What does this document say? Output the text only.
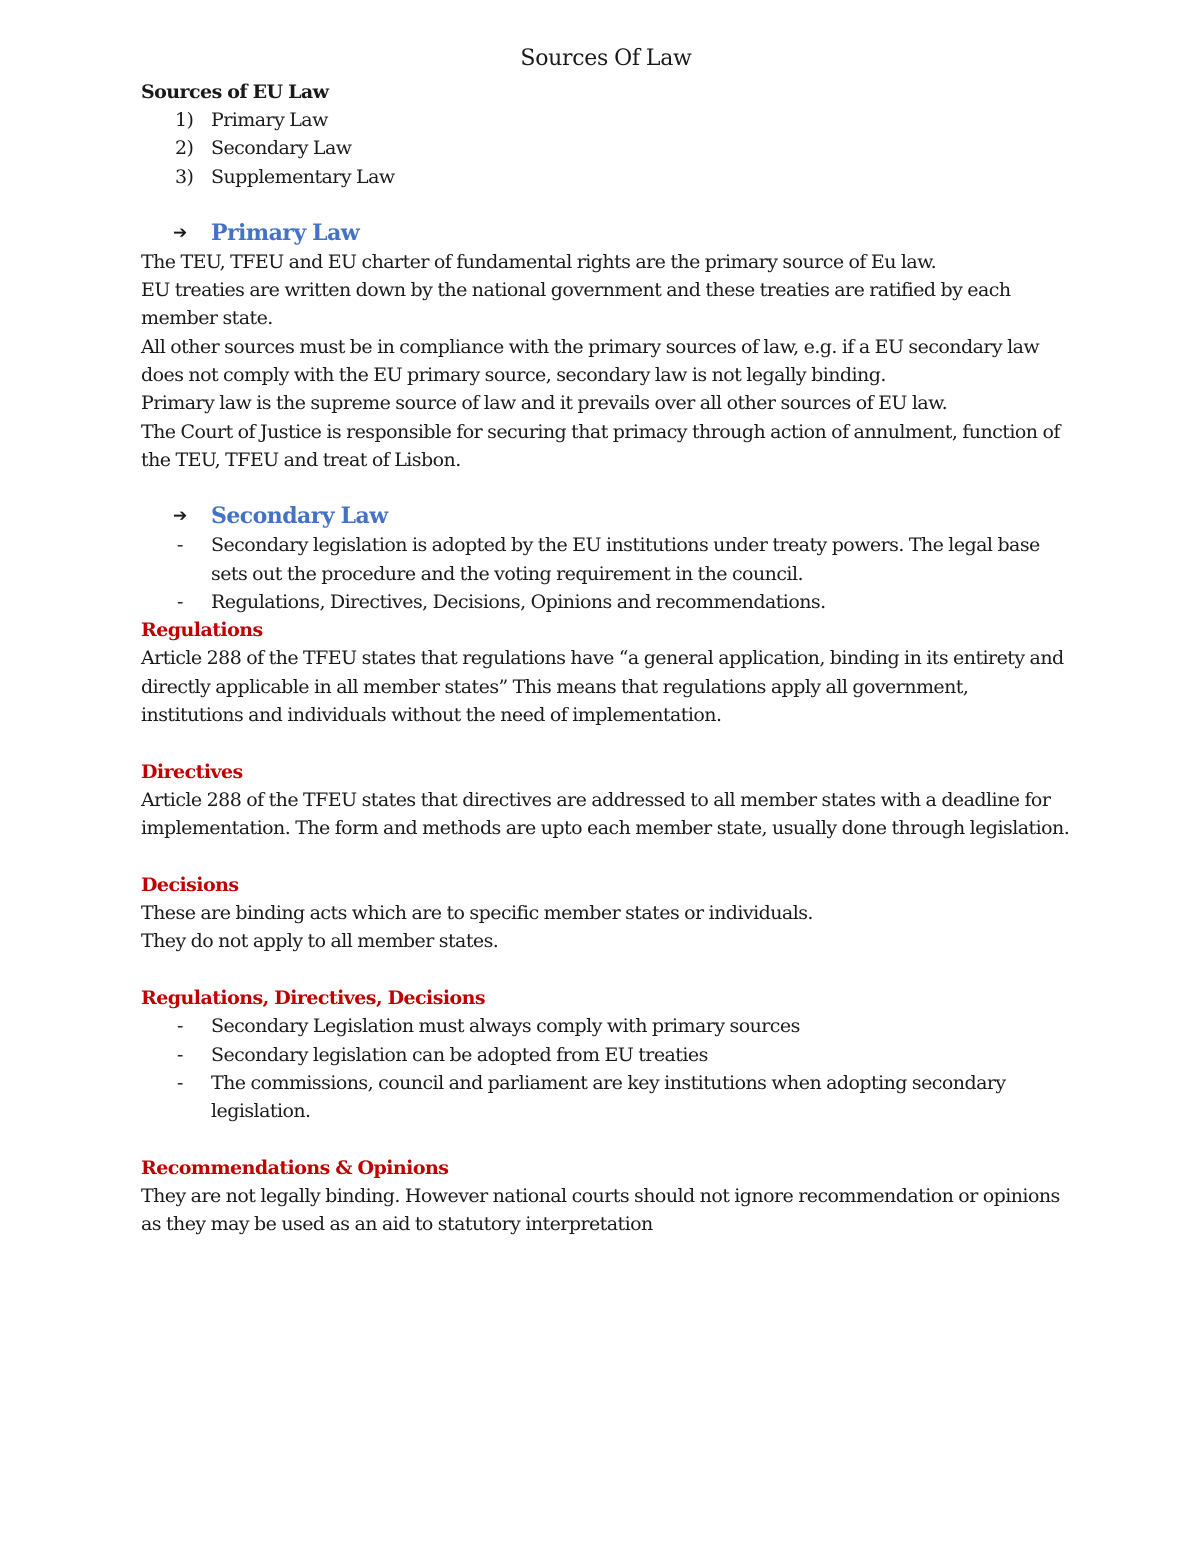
Sources Of Law

Sources of EU Law

1) Primary Law
2) Secondary Law
3) Supplementary Law
➔ Primary Law

The TEU, TFEU and EU charter of fundamental rights are the primary source of Eu law.

EU treaties are written down by the national government and these treaties are ratified by each member state.

All other sources must be in compliance with the primary sources of law, e.g. if a EU secondary law does not comply with the EU primary source, secondary law is not legally binding.

Primary law is the supreme source of law and it prevails over all other sources of EU law.

The Court of Justice is responsible for securing that primacy through action of annulment, function of the TEU, TFEU and treat of Lisbon.

➔ Secondary Law
- Secondary legislation is adopted by the EU institutions under treaty powers. The legal base sets out the procedure and the voting requirement in the council.
- Regulations, Directives, Decisions, Opinions and recommendations.

Regulations

Article 288 of the TFEU states that regulations have “a general application, binding in its entirety and directly applicable in all member states” This means that regulations apply all government, institutions and individuals without the need of implementation.

Directives

Article 288 of the TFEU states that directives are addressed to all member states with a deadline for implementation. The form and methods are upto each member state, usually done through legislation.

Decisions

These are binding acts which are to specific member states or individuals.

They do not apply to all member states.

Regulations, Directives, Decisions

- Secondary Legislation must always comply with primary sources
- Secondary legislation can be adopted from EU treaties
- The commissions, council and parliament are key institutions when adopting secondary legislation.

Recommendations & Opinions

They are not legally binding. However national courts should not ignore recommendation or opinions as they may be used as an aid to statutory interpretation
